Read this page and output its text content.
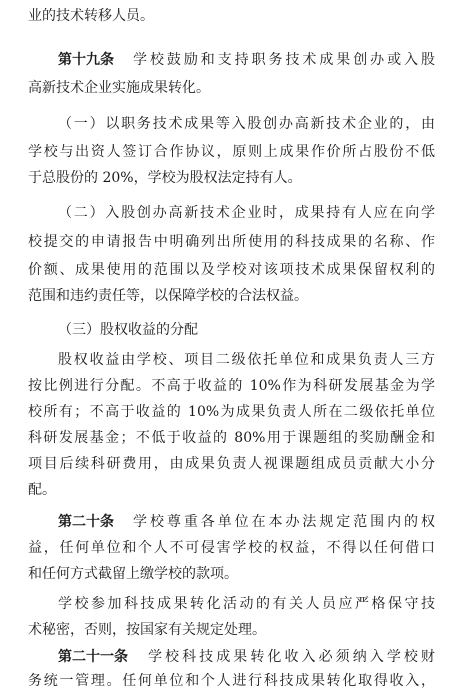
业的技术转移人员。
第十九条 学校鼓励和支持职务技术成果创办或入股
高新技术企业实施成果转化。
（一）以职务技术成果等入股创办高新技术企业的，由
学校与出资人签订合作协议，原则上成果作价所占股份不低
于总股份的 20%，学校为股权法定持有人。
（二）入股创办高新技术企业时，成果持有人应在向学
校提交的申请报告中明确列出所使用的科技成果的名称、作
价额、成果使用的范围以及学校对该项技术成果保留权利的
范围和违约责任等，以保障学校的合法权益。
（三）股权收益的分配
股权收益由学校、项目二级依托单位和成果负责人三方
按比例进行分配。不高于收益的 10%作为科研发展基金为学
校所有；不高于收益的 10%为成果负责人所在二级依托单位
科研发展基金；不低于收益的 80%用于课题组的奖励酬金和
项目后续科研费用，由成果负责人视课题组成员贡献大小分
配。
第二十条 学校尊重各单位在本办法规定范围内的权
益，任何单位和个人不可侵害学校的权益，不得以任何借口
和任何方式截留上缴学校的款项。
学校参加科技成果转化活动的有关人员应严格保守技
术秘密，否则，按国家有关规定处理。
第二十一条 学校科技成果转化收入必须纳入学校财
务统一管理。任何单位和个人进行科技成果转化取得收入，
